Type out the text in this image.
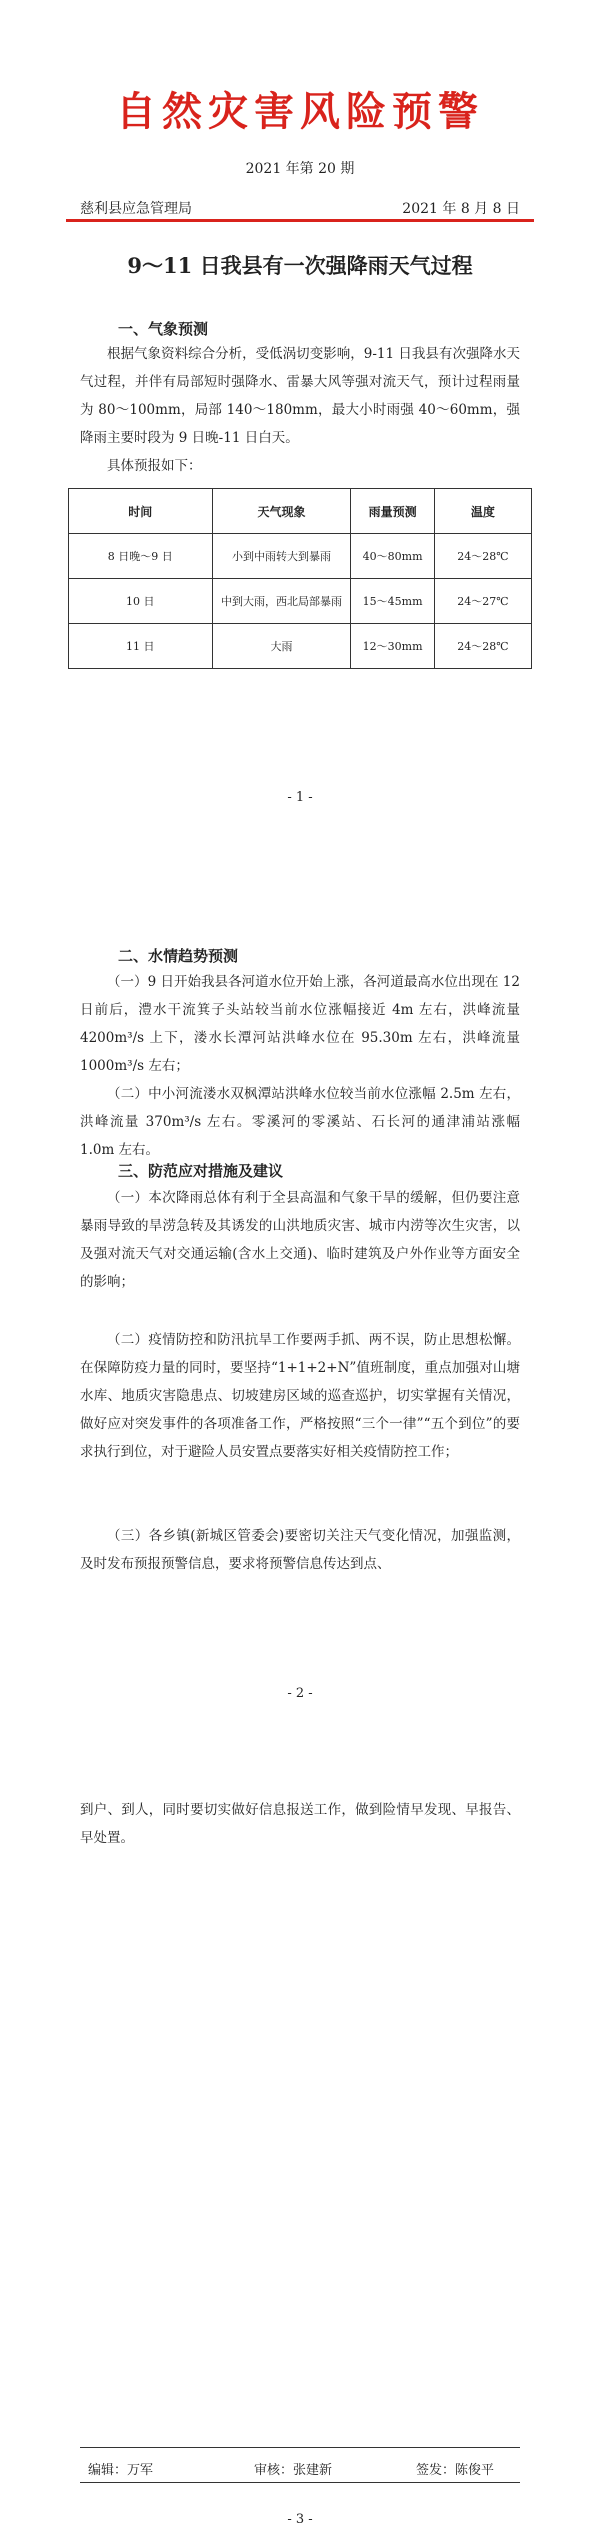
自然灾害风险预警
2021 年第 20 期
慈利县应急管理局	2021 年 8 月 8 日
9～11 日我县有一次强降雨天气过程
一、气象预测
根据气象资料综合分析，受低涡切变影响，9-11 日我县有次强降水天气过程，并伴有局部短时强降水、雷暴大风等强对流天气，预计过程雨量为 80～100mm，局部 140～180mm，最大小时雨强 40～60mm，强降雨主要时段为 9 日晚-11 日白天。
具体预报如下：
时间	天气现象	雨量预测	温度
8 日晚～9 日	小到中雨转大到暴雨	40～80mm	24～28℃
10 日	中到大雨，西北局部暴雨	15～45mm	24～27℃
11 日	大雨	12～30mm	24～28℃
- 1 -
二、水情趋势预测
（一）9 日开始我县各河道水位开始上涨，各河道最高水位出现在 12 日前后，澧水干流箕子头站较当前水位涨幅接近 4m 左右，洪峰流量 4200m³/s 上下，溇水长潭河站洪峰水位在 95.30m 左右，洪峰流量 1000m³/s 左右；
（二）中小河流溇水双枫潭站洪峰水位较当前水位涨幅 2.5m 左右，洪峰流量 370m³/s 左右。零溪河的零溪站、石长河的通津浦站涨幅 1.0m 左右。
三、防范应对措施及建议
（一）本次降雨总体有利于全县高温和气象干旱的缓解，但仍要注意暴雨导致的旱涝急转及其诱发的山洪地质灾害、城市内涝等次生灾害，以及强对流天气对交通运输(含水上交通)、临时建筑及户外作业等方面安全的影响；
（二）疫情防控和防汛抗旱工作要两手抓、两不误，防止思想松懈。在保障防疫力量的同时，要坚持“1+1+2+N”值班制度，重点加强对山塘水库、地质灾害隐患点、切坡建房区域的巡查巡护，切实掌握有关情况，做好应对突发事件的各项准备工作，严格按照“三个一律”“五个到位”的要求执行到位，对于避险人员安置点要落实好相关疫情防控工作；
（三）各乡镇(新城区管委会)要密切关注天气变化情况，加强监测，及时发布预报预警信息，要求将预警信息传达到点、
- 2 -
到户、到人，同时要切实做好信息报送工作，做到险情早发现、早报告、早处置。
编辑：万军	审核：张建新	签发：陈俊平
- 3 -
